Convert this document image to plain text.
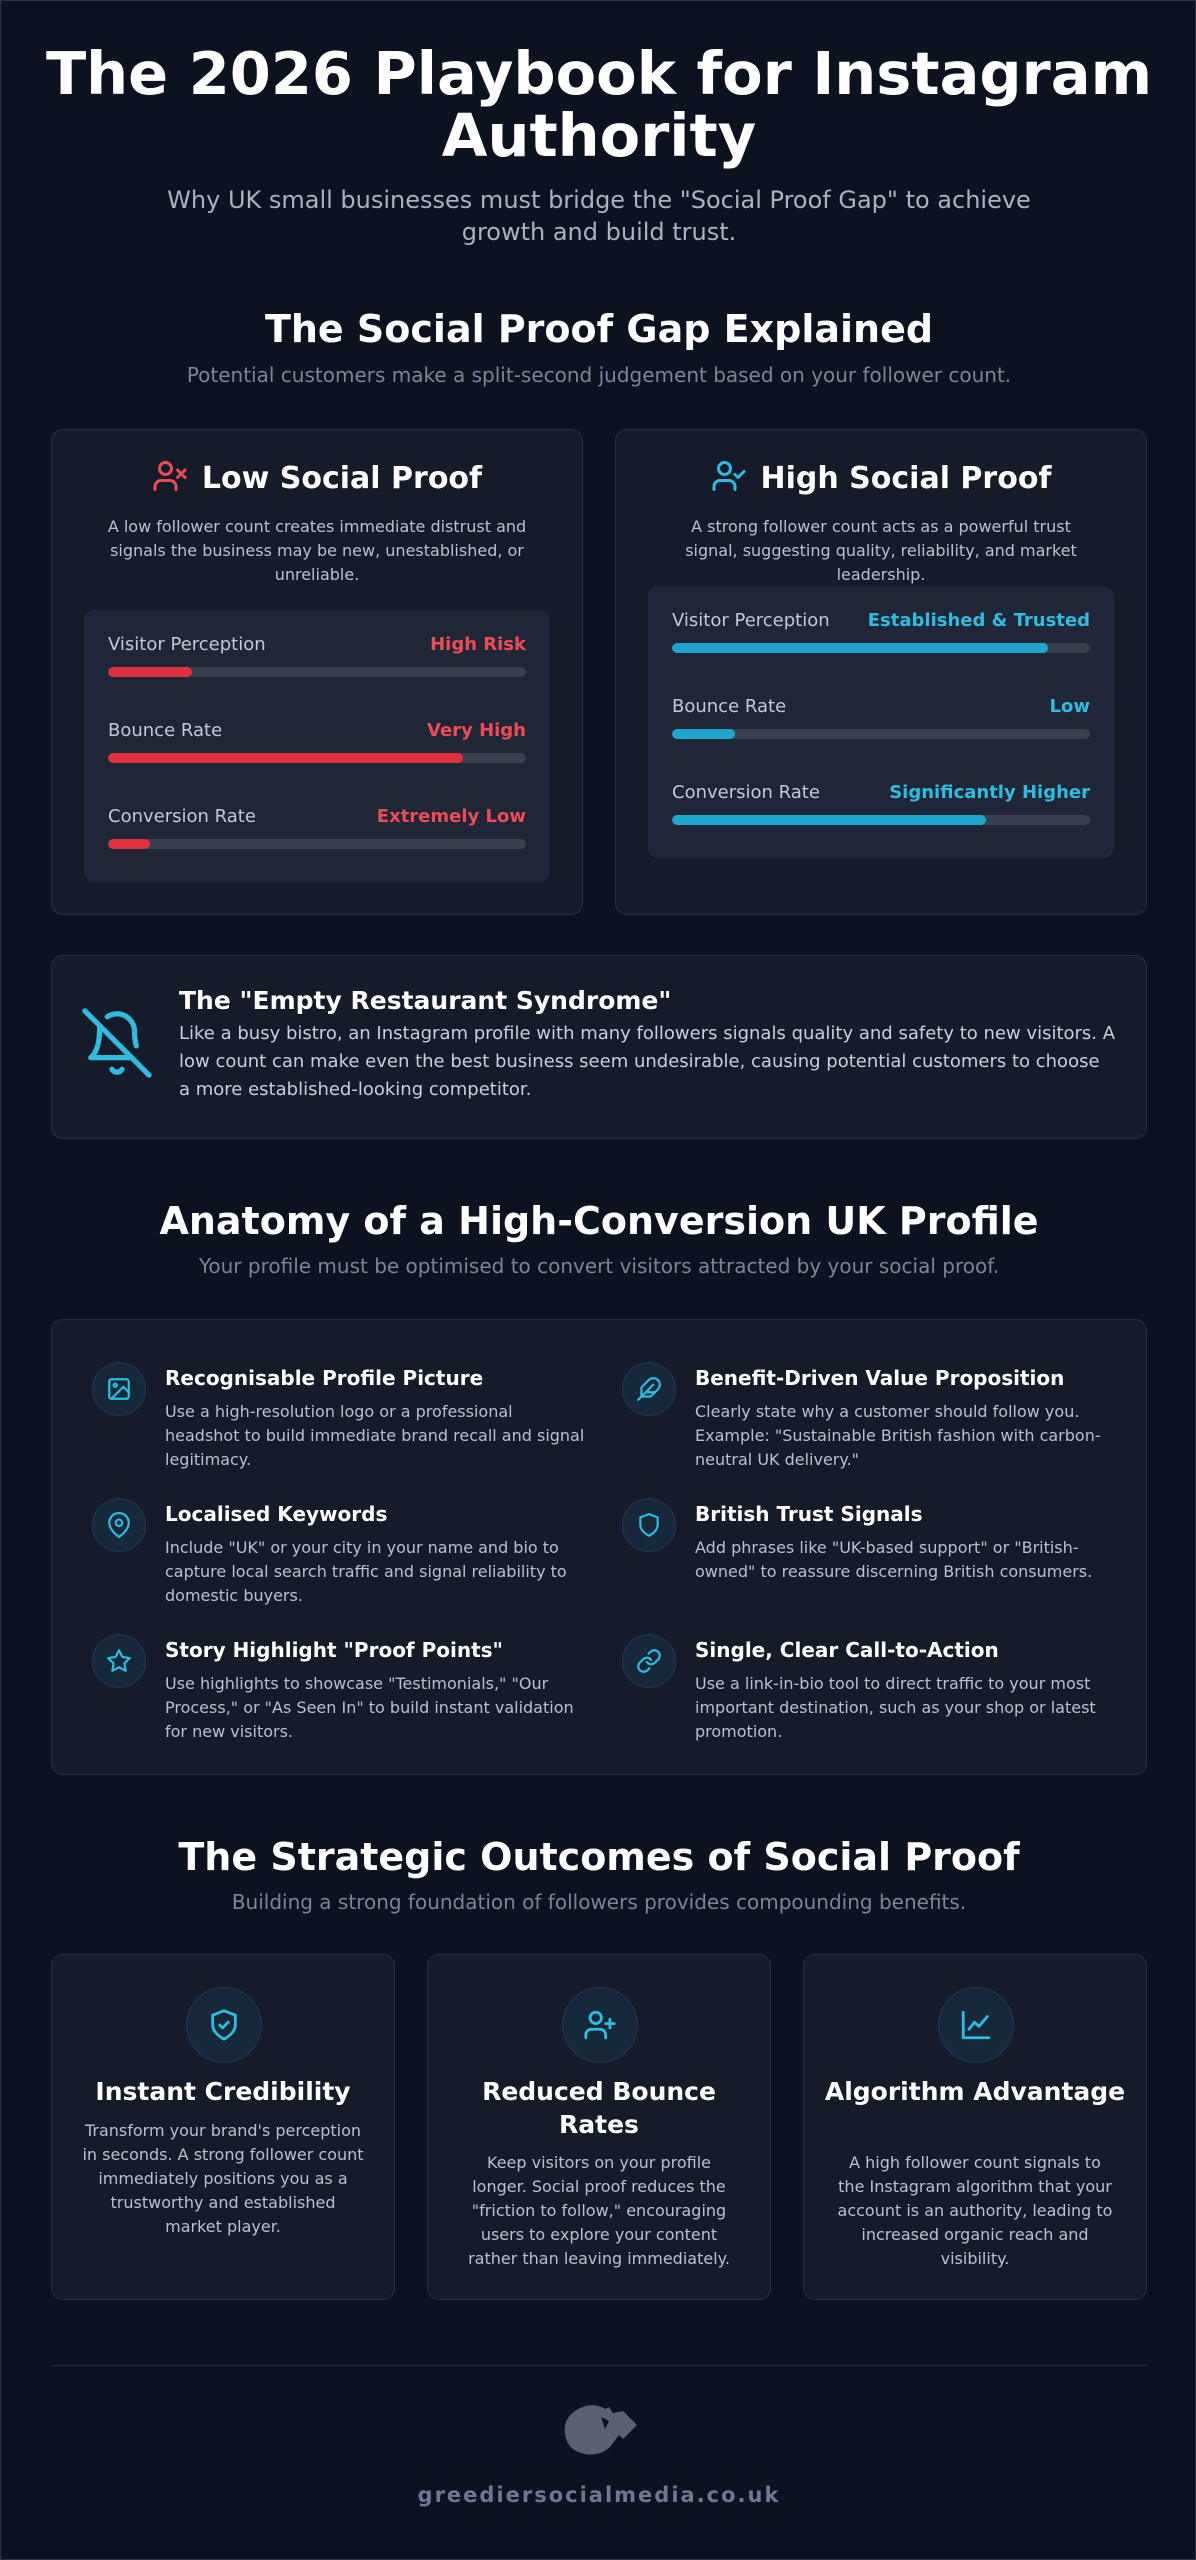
The 2026 Playbook for Instagram Authority
Why UK small businesses must bridge the "Social Proof Gap" to achieve growth and build trust.
The Social Proof Gap Explained
Potential customers make a split-second judgement based on your follower count.
Low Social Proof
A low follower count creates immediate distrust and signals the business may be new, unestablished, or unreliable.
Visitor Perception	High Risk
Bounce Rate	Very High
Conversion Rate	Extremely Low
High Social Proof
A strong follower count acts as a powerful trust signal, suggesting quality, reliability, and market leadership.
Visitor Perception Established & Trusted
Bounce Rate	Low
Conversion Rate	Significantly Higher
The "Empty Restaurant Syndrome"
Like a busy bistro, an Instagram profile with many followers signals quality and safety to new visitors. A low count can make even the best business seem undesirable, causing potential customers to choose a more established-looking competitor.
Anatomy of a High-Conversion UK Profile
Your profile must be optimised to convert visitors attracted by your social proof.
Recognisable Profile Picture

Use a high-resolution logo or a professional headshot to build immediate brand recall and signal legitimacy.

Benefit-Driven Value Proposition

Clearly state why a customer should follow you. Example: "Sustainable British fashion with carbon-neutral UK delivery."

Localised Keywords

Include "UK" or your city in your name and bio to capture local search traffic and signal reliability to domestic buyers.

British Trust Signals

Add phrases like "UK-based support" or "British-owned" to reassure discerning British consumers.

Story Highlight "Proof Points"

Use highlights to showcase "Testimonials," "Our Process," or "As Seen In" to build instant validation for new visitors.

Single, Clear Call-to-Action

Use a link-in-bio tool to direct traffic to your most important destination, such as your shop or latest promotion.

The Strategic Outcomes of Social Proof
Building a strong foundation of followers provides compounding benefits.
Instant Credibility

Transform your brand's perception in seconds. A strong follower count immediately positions you as a trustworthy and established market player.

Reduced Bounce Rates

Keep visitors on your profile longer. Social proof reduces the "friction to follow," encouraging users to explore your content rather than leaving immediately.

Algorithm Advantage

A high follower count signals to the Instagram algorithm that your account is an authority, leading to increased organic reach and visibility.

greediersocialmedia.co.uk
